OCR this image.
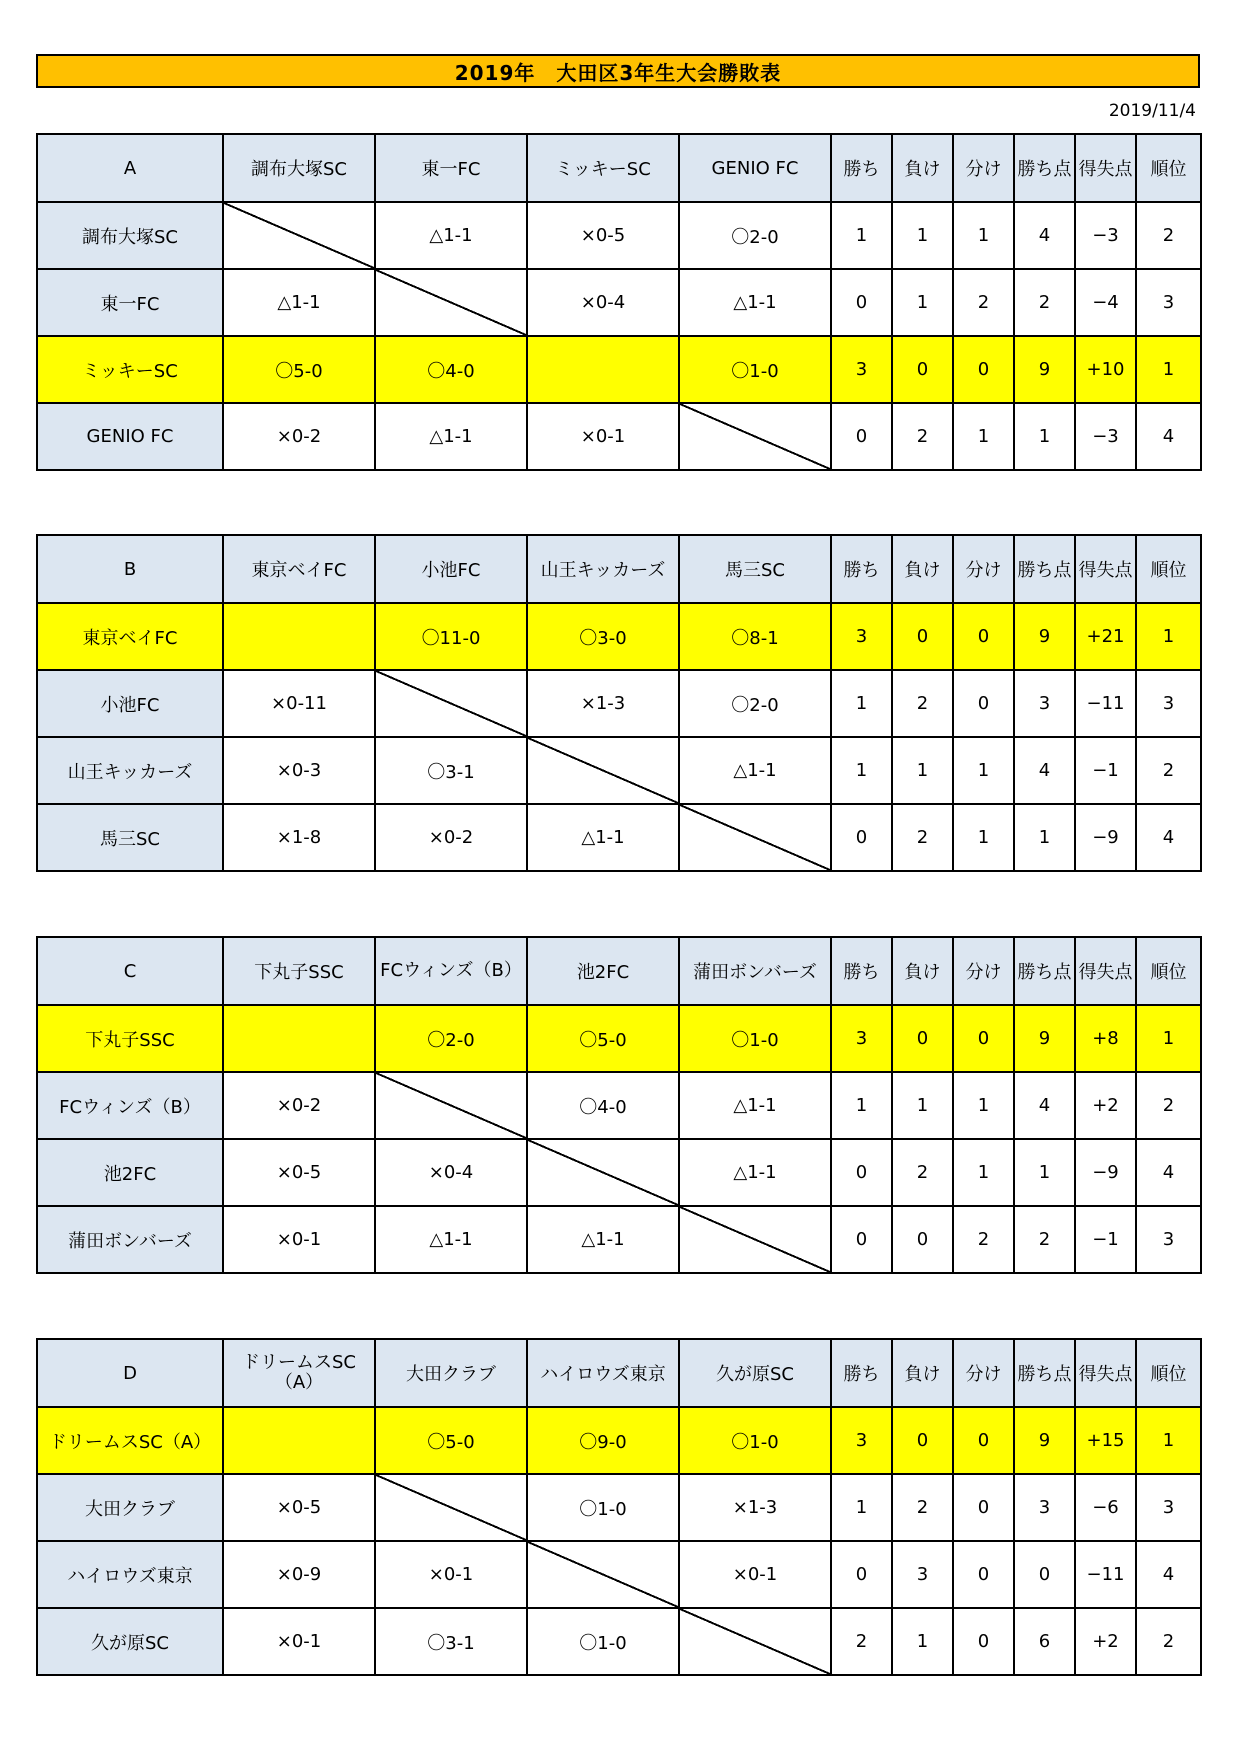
2019年　大田区3年生大会勝敗表
2019/11/4
A	調布大塚SC	東一FC	ミッキーSC	GENIO FC	勝ち	負け	分け	勝ち点	得失点	順位
調布大塚SC		△1-1	×0-5	〇2-0	1	1	1	4	−3	2
東一FC	△1-1		×0-4	△1-1	0	1	2	2	−4	3
ミッキーSC	〇5-0	〇4-0		〇1-0	3	0	0	9	+10	1
GENIO FC	×0-2	△1-1	×0-1		0	2	1	1	−3	4
B	東京ベイFC	小池FC	山王キッカーズ	馬三SC	勝ち	負け	分け	勝ち点	得失点	順位
東京ベイFC		〇11-0	〇3-0	〇8-1	3	0	0	9	+21	1
小池FC	×0-11		×1-3	〇2-0	1	2	0	3	−11	3
山王キッカーズ	×0-3	〇3-1		△1-1	1	1	1	4	−1	2
馬三SC	×1-8	×0-2	△1-1		0	2	1	1	−9	4
C	下丸子SSC	FCウィンズ（B）	池2FC	蒲田ボンバーズ	勝ち	負け	分け	勝ち点	得失点	順位
下丸子SSC		〇2-0	〇5-0	〇1-0	3	0	0	9	+8	1
FCウィンズ（B）	×0-2		〇4-0	△1-1	1	1	1	4	+2	2
池2FC	×0-5	×0-4		△1-1	0	2	1	1	−9	4
蒲田ボンバーズ	×0-1	△1-1	△1-1		0	0	2	2	−1	3
D	ドリームスSC（A）	大田クラブ	ハイロウズ東京	久が原SC	勝ち	負け	分け	勝ち点	得失点	順位
ドリームスSC（A）		〇5-0	〇9-0	〇1-0	3	0	0	9	+15	1
大田クラブ	×0-5		〇1-0	×1-3	1	2	0	3	−6	3
ハイロウズ東京	×0-9	×0-1		×0-1	0	3	0	0	−11	4
久が原SC	×0-1	〇3-1	〇1-0		2	1	0	6	+2	2
